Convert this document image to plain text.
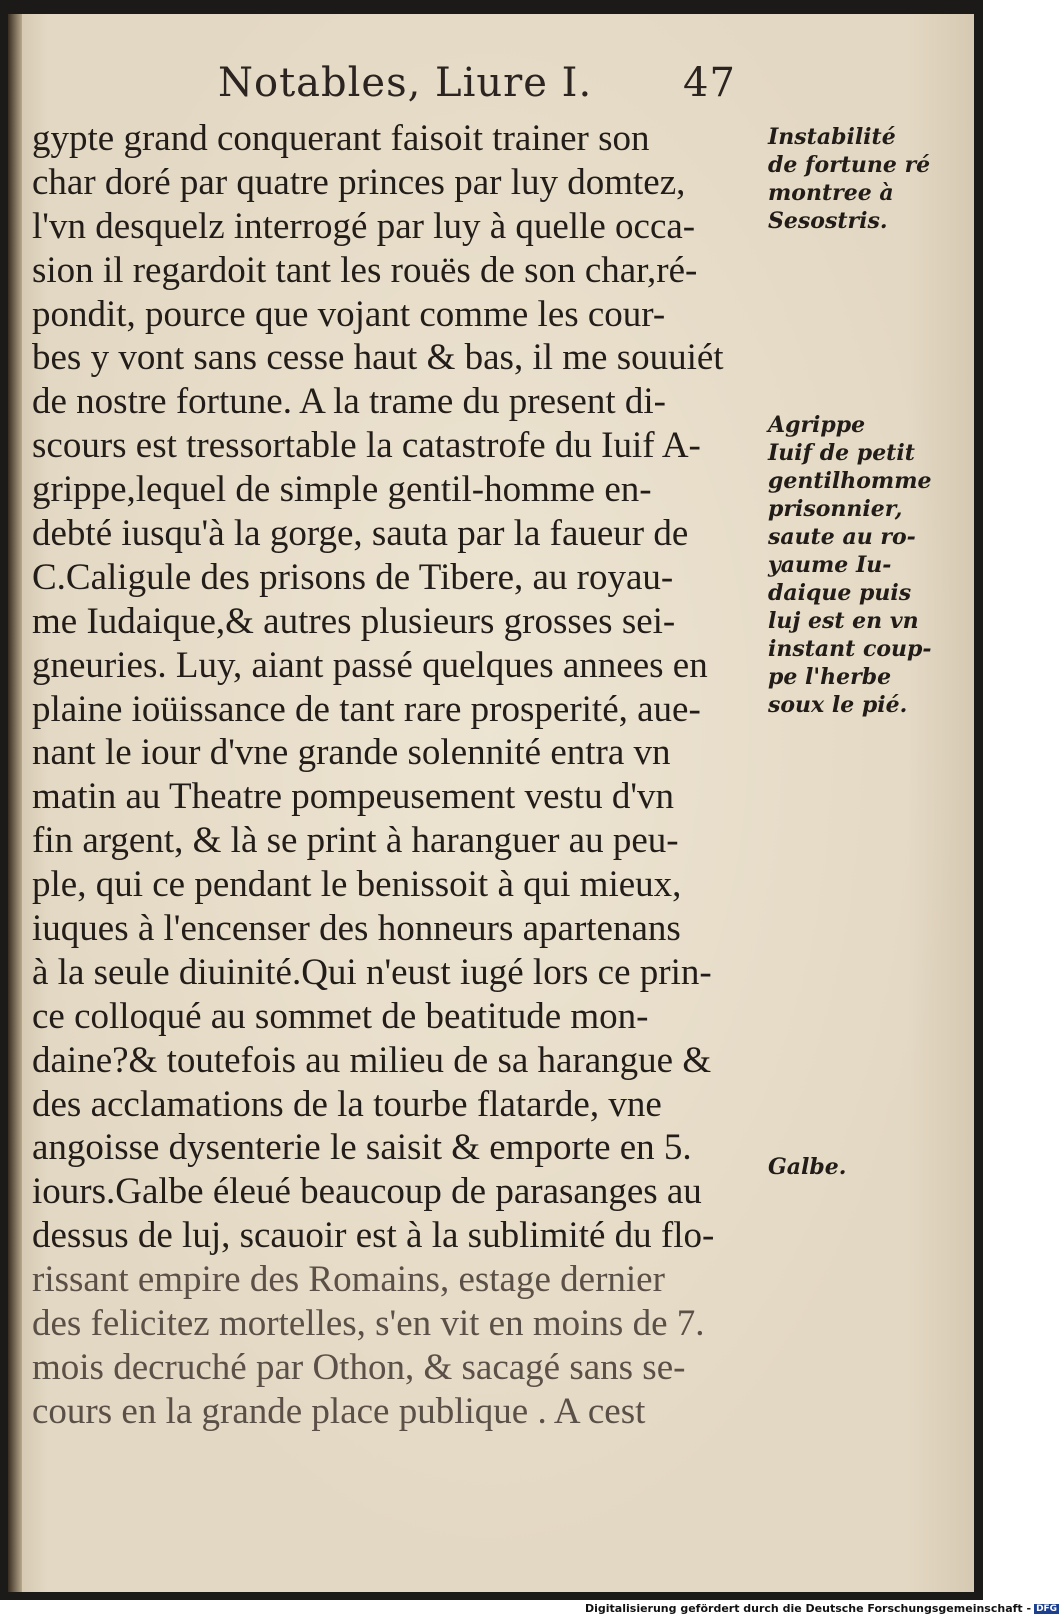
Notables, Liure I. 47
gypte grand conquerant faisoit trainer son
char doré par quatre princes par luy domtez,
l'vn desquelz interrogé par luy à quelle occa-
sion il regardoit tant les rouës de son char,ré-
pondit, pource que vojant comme les cour-
bes y vont sans cesse haut & bas, il me souuiét
de nostre fortune. A la trame du present di-
scours est tressortable la catastrofe du Iuif A-
grippe,lequel de simple gentil-homme en-
debté iusqu'à la gorge, sauta par la faueur de
C.Caligule des prisons de Tibere, au royau-
me Iudaique,& autres plusieurs grosses sei-
gneuries. Luy, aiant passé quelques annees en
plaine ioüissance de tant rare prosperité, aue-
nant le iour d'vne grande solennité entra vn
matin au Theatre pompeusement vestu d'vn
fin argent, & là se print à haranguer au peu-
ple, qui ce pendant le benissoit à qui mieux,
iuques à l'encenser des honneurs apartenans
à la seule diuinité.Qui n'eust iugé lors ce prin-
ce colloqué au sommet de beatitude mon-
daine?& toutefois au milieu de sa harangue &
des acclamations de la tourbe flatarde, vne
angoisse dysenterie le saisit & emporte en 5.
iours.Galbe éleué beaucoup de parasanges au
dessus de luj, scauoir est à la sublimité du flo-
rissant empire des Romains, estage dernier
des felicitez mortelles, s'en vit en moins de 7.
mois decruché par Othon, & sacagé sans se-
cours en la grande place publique . A cest
Instabilité
de fortune ré
montree à
Sesostris.
Agrippe
Iuif de petit
gentilhomme
prisonnier,
saute au ro-
yaume Iu-
daique puis
luj est en vn
instant coup-
pe l'herbe
soux le pié.
Galbe.
Digitalisierung gefördert durch die Deutsche Forschungsgemeinschaft - DFG
